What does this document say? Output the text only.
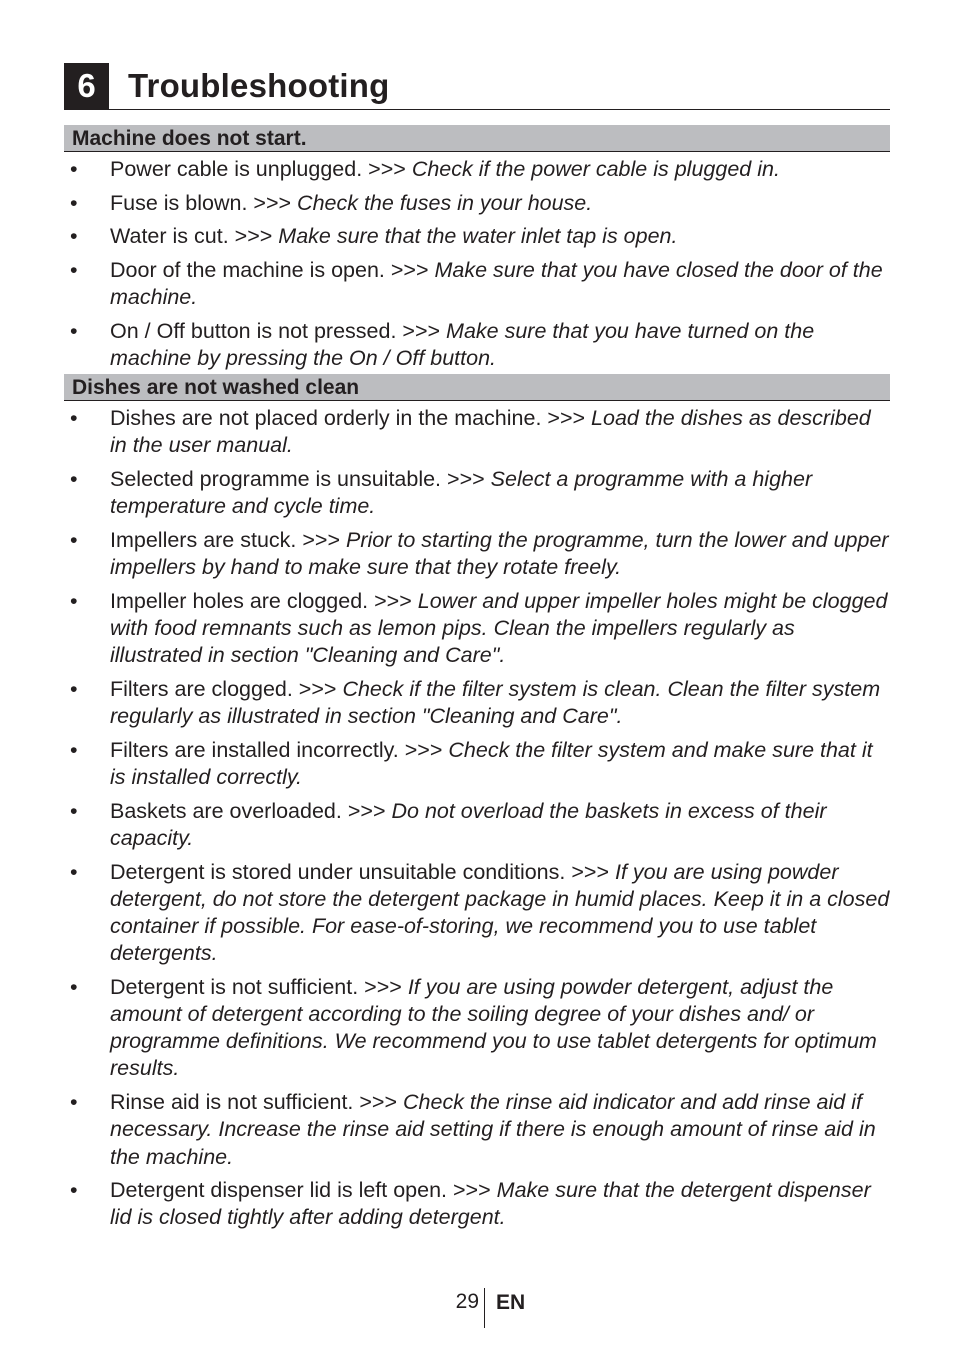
6 Troubleshooting
Machine does not start.
• Power cable is unplugged. >>> Check if the power cable is plugged in.
• Fuse is blown. >>> Check the fuses in your house.
• Water is cut. >>> Make sure that the water inlet tap is open.
• Door of the machine is open. >>> Make sure that you have closed the door of the machine.
• On / Off button is not pressed. >>> Make sure that you have turned on the machine by pressing the On / Off button.
Dishes are not washed clean
• Dishes are not placed orderly in the machine. >>> Load the dishes as described in the user manual.
• Selected programme is unsuitable. >>> Select a programme with a higher temperature and cycle time.
• Impellers are stuck. >>> Prior to starting the programme, turn the lower and upper impellers by hand to make sure that they rotate freely.
• Impeller holes are clogged. >>> Lower and upper impeller holes might be clogged with food remnants such as lemon pips. Clean the impellers regularly as illustrated in section "Cleaning and Care".
• Filters are clogged. >>> Check if the filter system is clean. Clean the filter system regularly as illustrated in section "Cleaning and Care".
• Filters are installed incorrectly. >>> Check the filter system and make sure that it is installed correctly.
• Baskets are overloaded. >>> Do not overload the baskets in excess of their capacity.
• Detergent is stored under unsuitable conditions. >>> If you are using powder detergent, do not store the detergent package in humid places. Keep it in a closed container if possible. For ease-of-storing, we recommend you to use tablet detergents.
• Detergent is not sufficient. >>> If you are using powder detergent, adjust the amount of detergent according to the soiling degree of your dishes and/ or programme definitions. We recommend you to use tablet detergents for optimum results.
• Rinse aid is not sufficient. >>> Check the rinse aid indicator and add rinse aid if necessary. Increase the rinse aid setting if there is enough amount of rinse aid in the machine.
• Detergent dispenser lid is left open. >>> Make sure that the detergent dispenser lid is closed tightly after adding detergent.
29 EN
